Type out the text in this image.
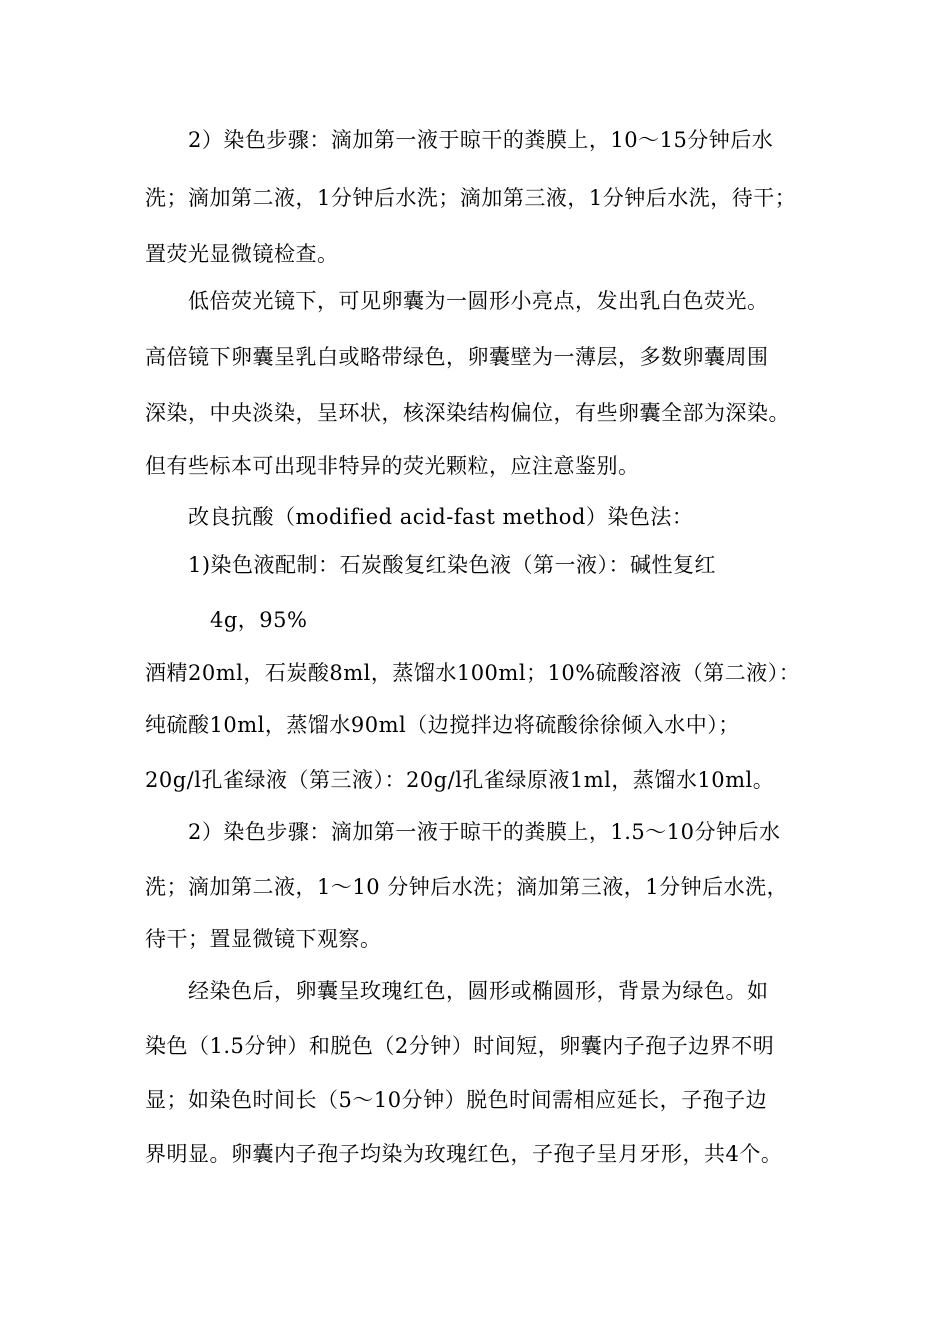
2）染色步骤：滴加第一液于晾干的粪膜上，10～15分钟后水
洗；滴加第二液，1分钟后水洗；滴加第三液，1分钟后水洗，待干；
置荧光显微镜检查。
低倍荧光镜下，可见卵囊为一圆形小亮点，发出乳白色荧光。
高倍镜下卵囊呈乳白或略带绿色，卵囊壁为一薄层，多数卵囊周围
深染，中央淡染，呈环状，核深染结构偏位，有些卵囊全部为深染。
但有些标本可出现非特异的荧光颗粒，应注意鉴别。
改良抗酸（modified acid-fast method）染色法：
1)染色液配制：石炭酸复红染色液（第一液）：碱性复红
4g，95%
酒精20ml，石炭酸8ml，蒸馏水100ml；10%硫酸溶液（第二液）：
纯硫酸10ml，蒸馏水90ml（边搅拌边将硫酸徐徐倾入水中）；
20g/l孔雀绿液（第三液）：20g/l孔雀绿原液1ml，蒸馏水10ml。
2）染色步骤：滴加第一液于晾干的粪膜上，1.5～10分钟后水
洗；滴加第二液，1～10 分钟后水洗；滴加第三液，1分钟后水洗，
待干；置显微镜下观察。
经染色后，卵囊呈玫瑰红色，圆形或椭圆形，背景为绿色。如
染色（1.5分钟）和脱色（2分钟）时间短，卵囊内子孢子边界不明
显；如染色时间长（5～10分钟）脱色时间需相应延长，子孢子边
界明显。卵囊内子孢子均染为玫瑰红色，子孢子呈月牙形，共4个。
